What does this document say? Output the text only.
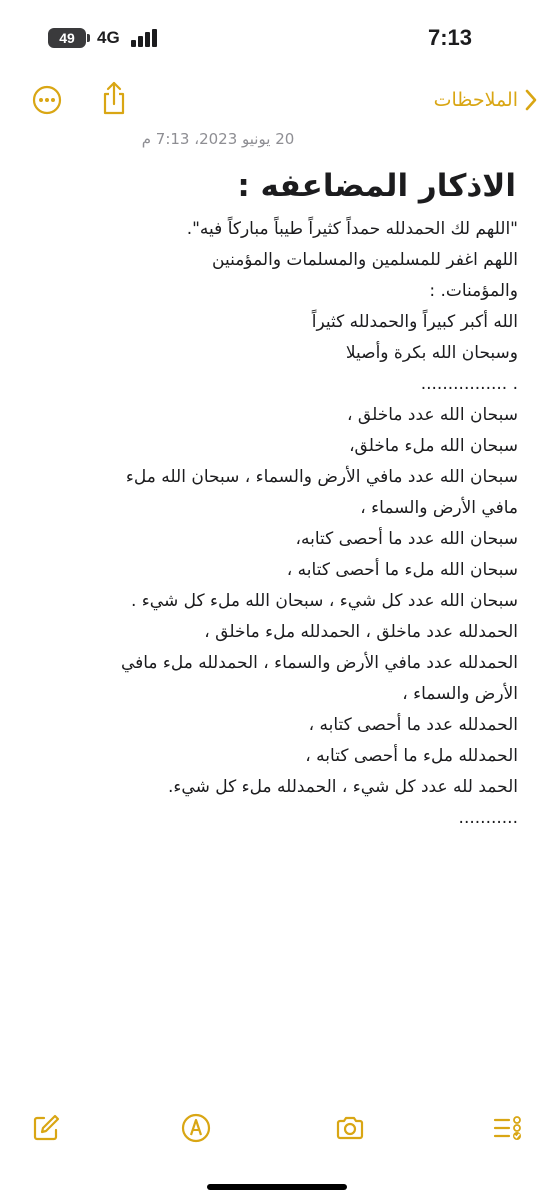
49	4G	7:13
الملاحظات
20 يونيو 2023، 7:13 م
الاذكار المضاعفه :
"اللهم لك الحمدلله حمداً كثيراً طيباً مباركاً فيه".
اللهم اغفر للمسلمين والمسلمات والمؤمنين
والمؤمنات. :
الله أكبر كبيراً والحمدلله كثيراً
وسبحان الله بكرة وأصيلا
................ .
سبحان الله عدد ماخلق ،
سبحان الله ملء ماخلق،
سبحان الله عدد مافي الأرض والسماء ، سبحان الله ملء
مافي الأرض والسماء ،
سبحان الله عدد ما أحصى كتابه،
سبحان الله ملء ما أحصى كتابه ،
سبحان الله عدد كل شيء ، سبحان الله ملء كل شيء .
الحمدلله عدد ماخلق ، الحمدلله ملء ماخلق ،
الحمدلله عدد مافي الأرض والسماء ، الحمدلله ملء مافي
الأرض والسماء ،
الحمدلله عدد ما أحصى كتابه ،
الحمدلله ملء ما أحصى كتابه ،
الحمد لله عدد كل شيء ، الحمدلله ملء كل شيء.
...........
